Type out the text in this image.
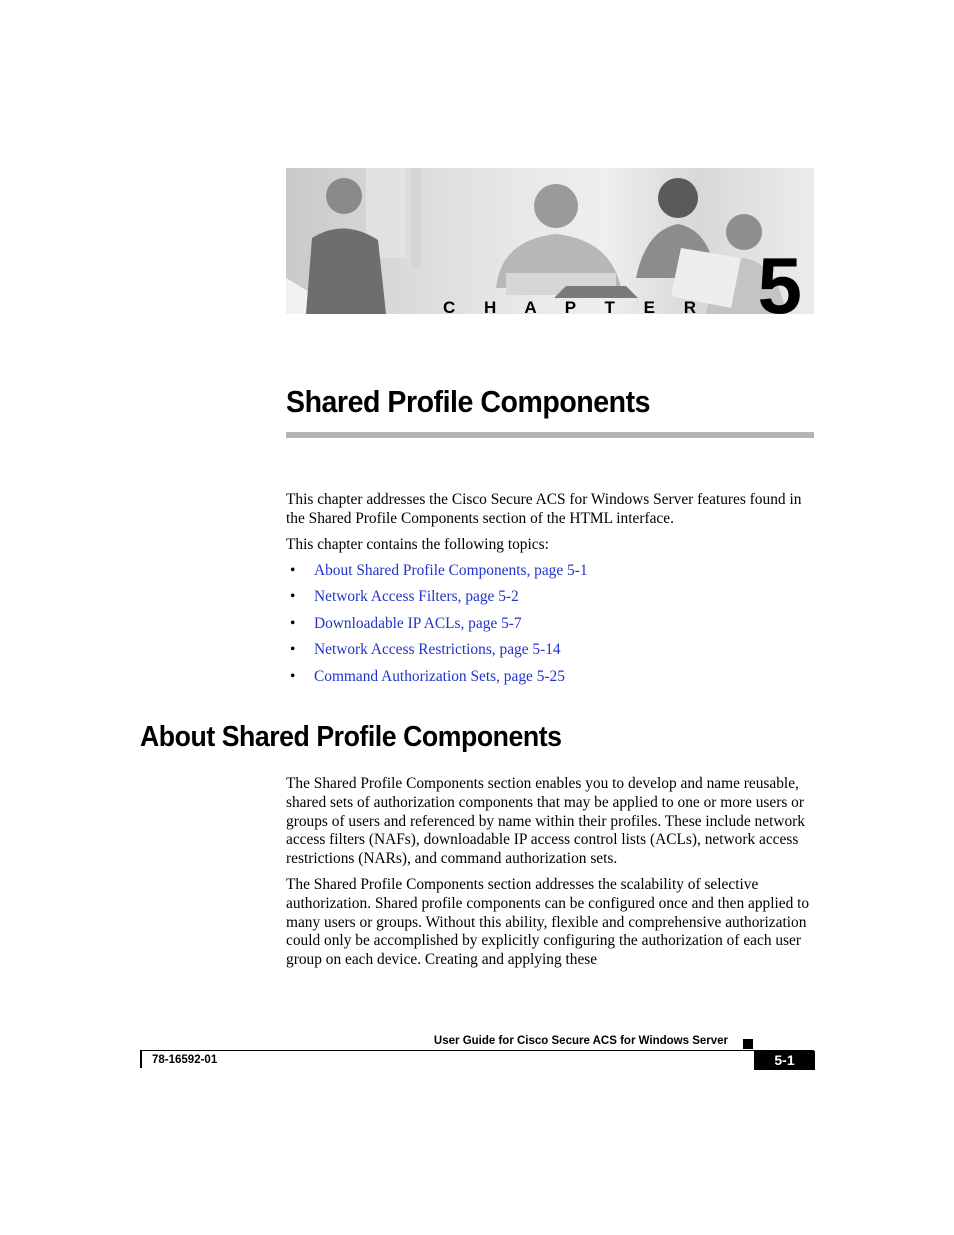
C H A P T E R 5
Shared Profile Components

This chapter addresses the Cisco Secure ACS for Windows Server features found in the Shared Profile Components section of the HTML interface.

This chapter contains the following topics:

• About Shared Profile Components, page 5-1
• Network Access Filters, page 5-2
• Downloadable IP ACLs, page 5-7
• Network Access Restrictions, page 5-14
• Command Authorization Sets, page 5-25
About Shared Profile Components

The Shared Profile Components section enables you to develop and name reusable, shared sets of authorization components that may be applied to one or more users or groups of users and referenced by name within their profiles. These include network access filters (NAFs), downloadable IP access control lists (ACLs), network access restrictions (NARs), and command authorization sets.

The Shared Profile Components section addresses the scalability of selective authorization. Shared profile components can be configured once and then applied to many users or groups. Without this ability, flexible and comprehensive authorization could only be accomplished by explicitly configuring the authorization of each user group on each device. Creating and applying these

User Guide for Cisco Secure ACS for Windows Server
78-16592-01	5-1
